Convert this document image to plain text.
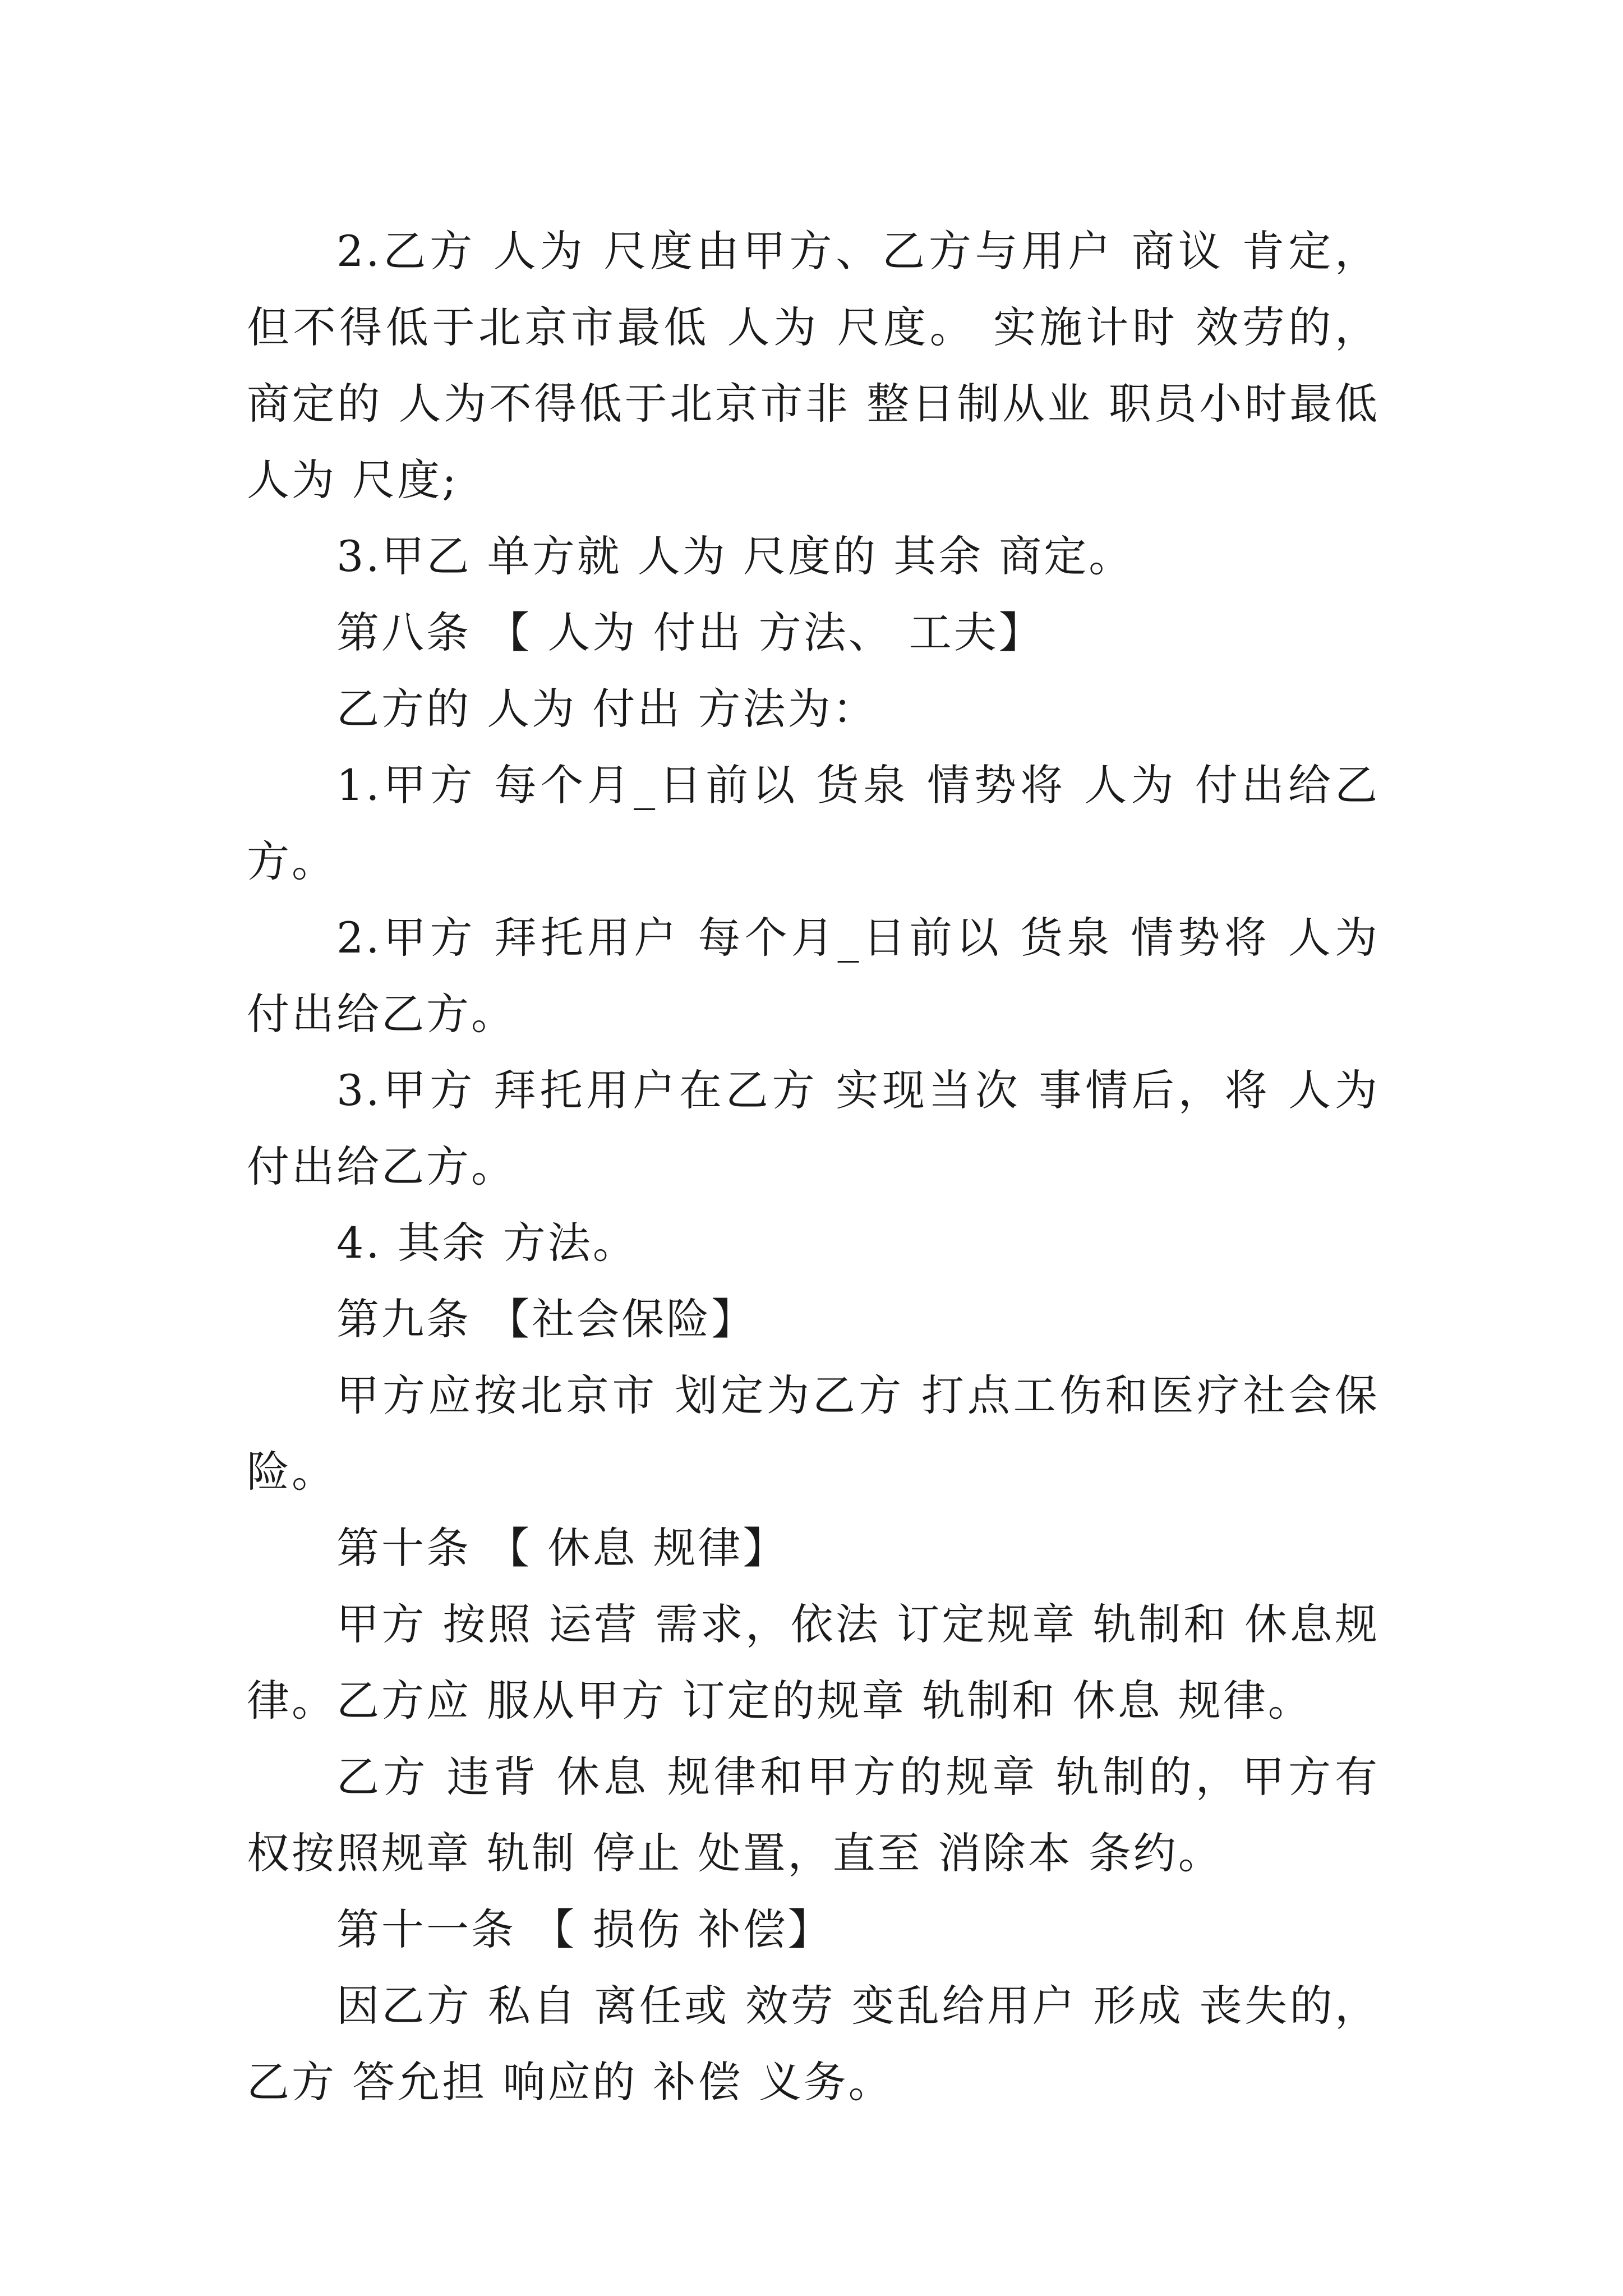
2.乙方 人为 尺度由甲方、乙方与用户 商议 肯定，但不得低于北京市最低 人为 尺度。 实施计时 效劳的， 商定的 人为不得低于北京市非 整日制从业 职员小时最低 人为 尺度;

3.甲乙 单方就 人为 尺度的 其余 商定。

第八条 【 人为 付出 方法、 工夫】

乙方的 人为 付出 方法为：

1.甲方 每个月_日前以 货泉 情势将 人为 付出给乙方。

2.甲方 拜托用户 每个月_日前以 货泉 情势将 人为付出给乙方。

3.甲方 拜托用户在乙方 实现当次 事情后，将 人为付出给乙方。

4. 其余 方法。

第九条 【社会保险】

甲方应按北京市 划定为乙方 打点工伤和医疗社会保险。

第十条 【 休息 规律】

甲方 按照 运营 需求，依法 订定规章 轨制和 休息规律。乙方应 服从甲方 订定的规章 轨制和 休息 规律。

乙方 违背 休息 规律和甲方的规章 轨制的，甲方有权按照规章 轨制 停止 处置，直至 消除本 条约。

第十一条 【 损伤 补偿】

因乙方 私自 离任或 效劳 变乱给用户 形成 丧失的，乙方 答允担 响应的 补偿 义务。
